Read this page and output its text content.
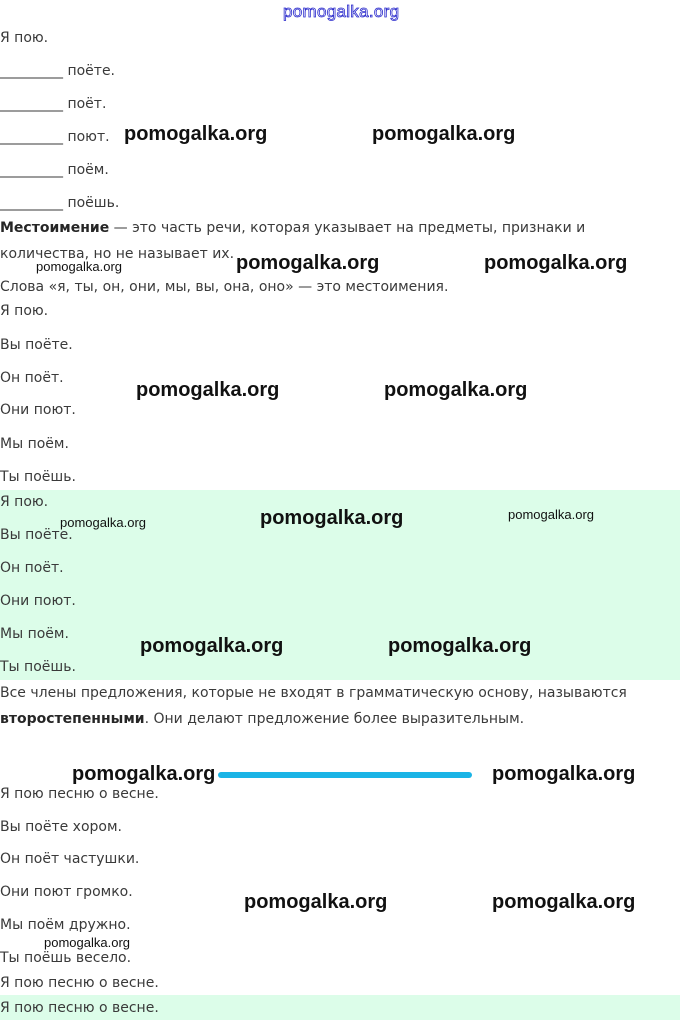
pomogalka.org
Я пою.
_________ поёте.
_________ поёт.
_________ поют.
_________ поём.
_________ поёшь.
Местоимение — это часть речи, которая указывает на предметы, признаки и количества, но не называет их.
Слова «я, ты, он, они, мы, вы, она, оно» — это местоимения.
Я пою.
Вы поёте.
Он поёт.
Они поют.
Мы поём.
Ты поёшь.
Я пою.
Вы поёте.
Он поёт.
Они поют.
Мы поём.
Ты поёшь.
Все члены предложения, которые не входят в грамматическую основу, называются второстепенными. Они делают предложение более выразительным.
Я пою песню о весне.
Вы поёте хором.
Он поёт частушки.
Они поют громко.
Мы поём дружно.
Ты поёшь весело.
Я пою песню о весне.
Я пою песню о весне.
pomogalka.org	pomogalka.org
pomogalka.org	pomogalka.org	pomogalka.org
pomogalka.org	pomogalka.org
pomogalka.org	pomogalka.org	pomogalka.org
pomogalka.org	pomogalka.org
pomogalka.org	pomogalka.org
pomogalka.org	pomogalka.org
pomogalka.org
